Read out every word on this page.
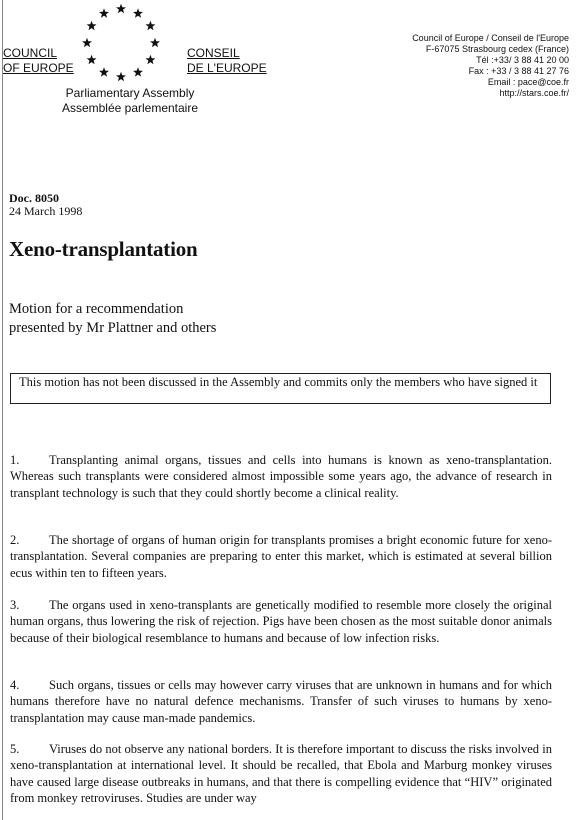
COUNCIL
OF EUROPE
CONSEIL
DE L'EUROPE
Parliamentary Assembly
Assemblée parlementaire
Council of Europe / Conseil de l'Europe
F-67075 Strasbourg cedex (France)
Tél :+33/ 3 88 41 20 00
Fax : +33 / 3 88 41 27 76
Email : pace@coe.fr
http://stars.coe.fr/
Doc. 8050
24 March 1998
Xeno-transplantation
Motion for a recommendation
presented by Mr Plattner and others
This motion has not been discussed in the Assembly and commits only the members who have signed it
1. Transplanting animal organs, tissues and cells into humans is known as xeno-transplantation. Whereas such transplants were considered almost impossible some years ago, the advance of research in transplant technology is such that they could shortly become a clinical reality.
2. The shortage of organs of human origin for transplants promises a bright economic future for xeno-transplantation. Several companies are preparing to enter this market, which is estimated at several billion ecus within ten to fifteen years.
3. The organs used in xeno-transplants are genetically modified to resemble more closely the original human organs, thus lowering the risk of rejection. Pigs have been chosen as the most suitable donor animals because of their biological resemblance to humans and because of low infection risks.
4. Such organs, tissues or cells may however carry viruses that are unknown in humans and for which humans therefore have no natural defence mechanisms. Transfer of such viruses to humans by xeno-transplantation may cause man-made pandemics.
5. Viruses do not observe any national borders. It is therefore important to discuss the risks involved in xeno-transplantation at international level. It should be recalled, that Ebola and Marburg monkey viruses have caused large disease outbreaks in humans, and that there is compelling evidence that “HIV” originated from monkey retroviruses. Studies are under way
